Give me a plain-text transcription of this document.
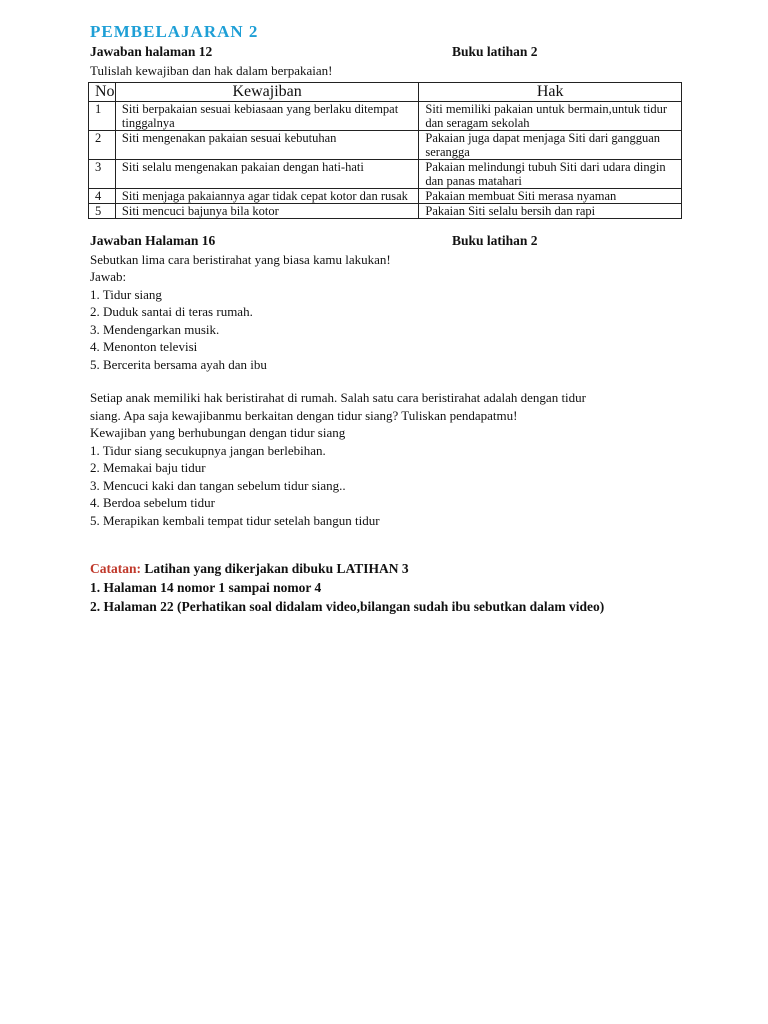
PEMBELAJARAN 2
Jawaban halaman 12	Buku latihan 2
Tulislah kewajiban dan hak dalam berpakaian!
No	Kewajiban	Hak
1	Siti berpakaian sesuai kebiasaan yang berlaku ditempat tinggalnya	Siti memiliki pakaian untuk bermain,untuk tidur dan seragam sekolah
2	Siti mengenakan pakaian sesuai kebutuhan	Pakaian juga dapat menjaga Siti dari gangguan serangga
3	Siti selalu mengenakan pakaian dengan hati-hati	Pakaian melindungi tubuh Siti dari udara dingin dan panas matahari
4	Siti menjaga pakaiannya agar tidak cepat kotor dan rusak	Pakaian membuat Siti merasa nyaman
5	Siti mencuci bajunya bila kotor	Pakaian Siti selalu bersih dan rapi
Jawaban Halaman 16	Buku latihan 2
Sebutkan lima cara beristirahat yang biasa kamu lakukan!
Jawab:
1. Tidur siang
2. Duduk santai di teras rumah.
3. Mendengarkan musik.
4. Menonton televisi
5. Bercerita bersama ayah dan ibu
Setiap anak memiliki hak beristirahat di rumah. Salah satu cara beristirahat adalah dengan tidur
siang. Apa saja kewajibanmu berkaitan dengan tidur siang? Tuliskan pendapatmu!
Kewajiban yang berhubungan dengan tidur siang
1. Tidur siang secukupnya jangan berlebihan.
2. Memakai baju tidur
3. Mencuci kaki dan tangan sebelum tidur siang..
4. Berdoa sebelum tidur
5. Merapikan kembali tempat tidur setelah bangun tidur
Catatan: Latihan yang dikerjakan dibuku LATIHAN 3
1. Halaman 14 nomor 1 sampai nomor 4
2. Halaman 22 (Perhatikan soal didalam video,bilangan sudah ibu sebutkan dalam video)
